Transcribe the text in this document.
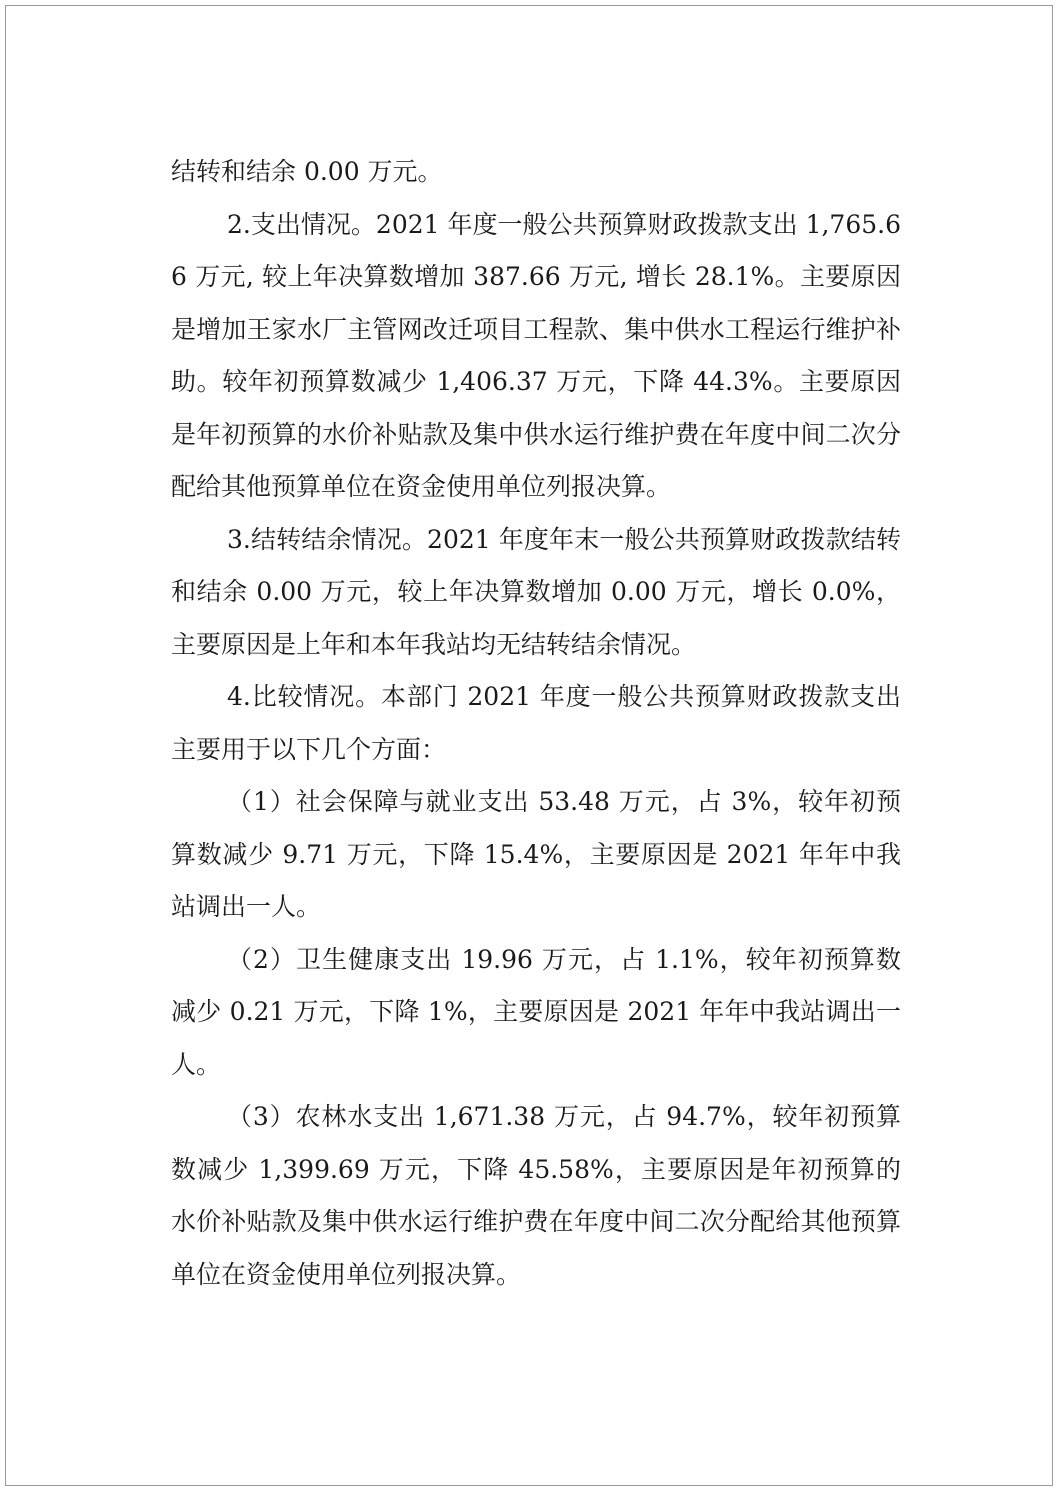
结转和结余 0.00 万元。

2.支出情况。2021 年度一般公共预算财政拨款支出 1,765.66 万元, 较上年决算数增加 387.66 万元, 增长 28.1%。主要原因是增加王家水厂主管网改迁项目工程款、集中供水工程运行维护补助。较年初预算数减少 1,406.37 万元，下降 44.3%。主要原因是年初预算的水价补贴款及集中供水运行维护费在年度中间二次分配给其他预算单位在资金使用单位列报决算。

3.结转结余情况。2021 年度年末一般公共预算财政拨款结转和结余 0.00 万元，较上年决算数增加 0.00 万元，增长 0.0%，主要原因是上年和本年我站均无结转结余情况。

4.比较情况。本部门 2021 年度一般公共预算财政拨款支出主要用于以下几个方面：

（1）社会保障与就业支出 53.48 万元，占 3%，较年初预算数减少 9.71 万元，下降 15.4%，主要原因是 2021 年年中我站调出一人。

（2）卫生健康支出 19.96 万元，占 1.1%，较年初预算数减少 0.21 万元，下降 1%，主要原因是 2021 年年中我站调出一人。

（3）农林水支出 1,671.38 万元，占 94.7%，较年初预算数减少 1,399.69 万元，下降 45.58%，主要原因是年初预算的水价补贴款及集中供水运行维护费在年度中间二次分配给其他预算单位在资金使用单位列报决算。
